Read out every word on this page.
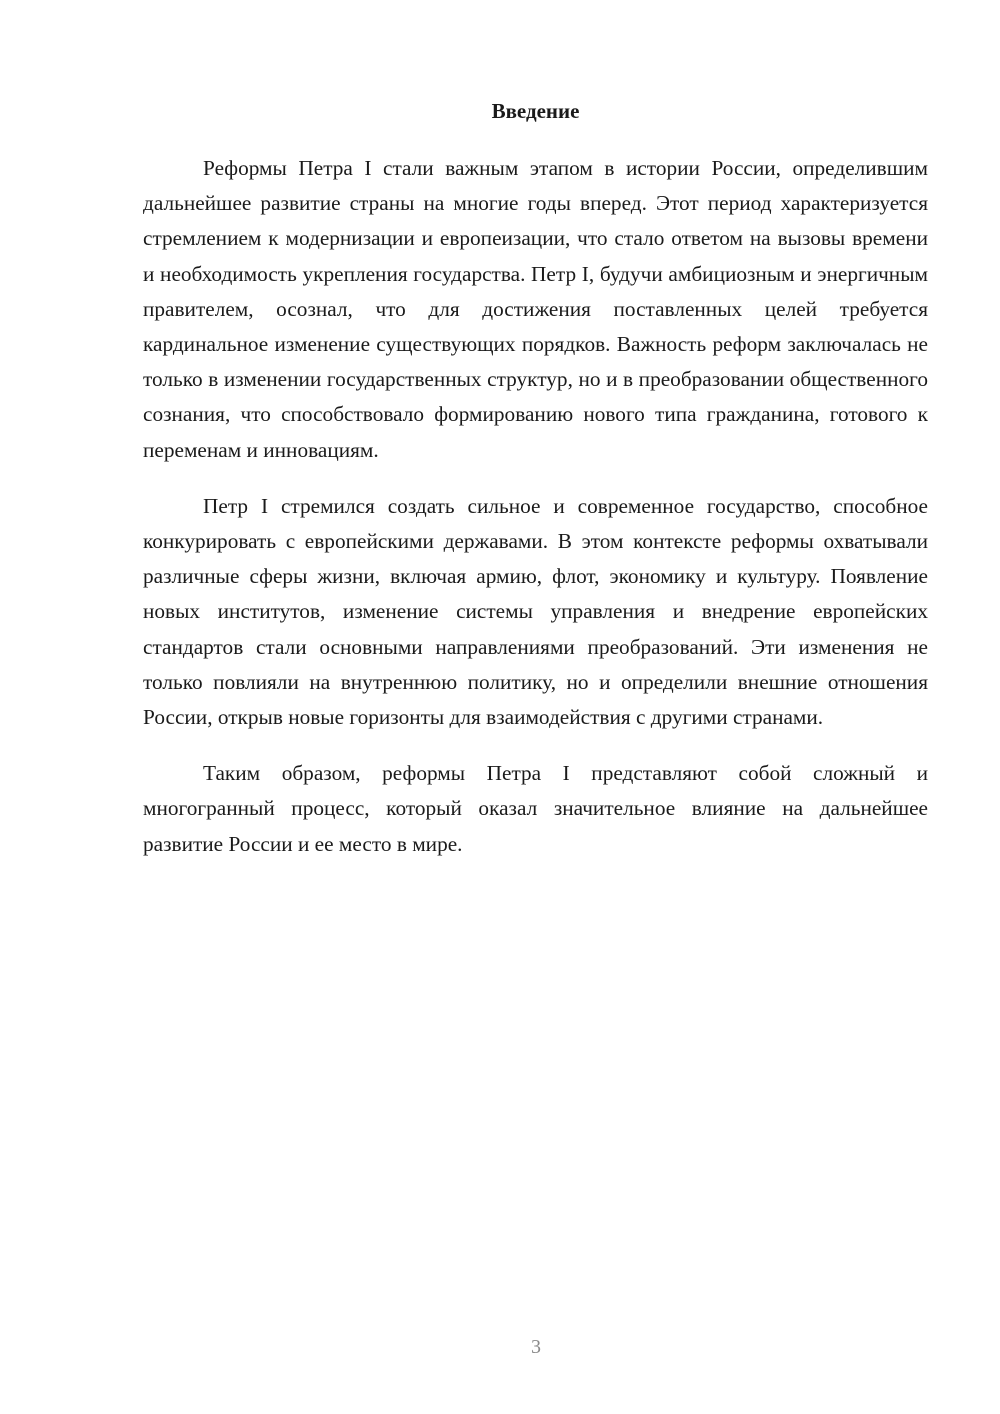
Введение

Реформы Петра I стали важным этапом в истории России, определившим дальнейшее развитие страны на многие годы вперед. Этот период характеризуется стремлением к модернизации и европеизации, что стало ответом на вызовы времени и необходимость укрепления государства. Петр I, будучи амбициозным и энергичным правителем, осознал, что для достижения поставленных целей требуется кардинальное изменение существующих порядков. Важность реформ заключалась не только в изменении государственных структур, но и в преобразовании общественного сознания, что способствовало формированию нового типа гражданина, готового к переменам и инновациям.

Петр I стремился создать сильное и современное государство, способное конкурировать с европейскими державами. В этом контексте реформы охватывали различные сферы жизни, включая армию, флот, экономику и культуру. Появление новых институтов, изменение системы управления и внедрение европейских стандартов стали основными направлениями преобразований. Эти изменения не только повлияли на внутреннюю политику, но и определили внешние отношения России, открыв новые горизонты для взаимодействия с другими странами.

Таким образом, реформы Петра I представляют собой сложный и многогранный процесс, который оказал значительное влияние на дальнейшее развитие России и ее место в мире.

3
